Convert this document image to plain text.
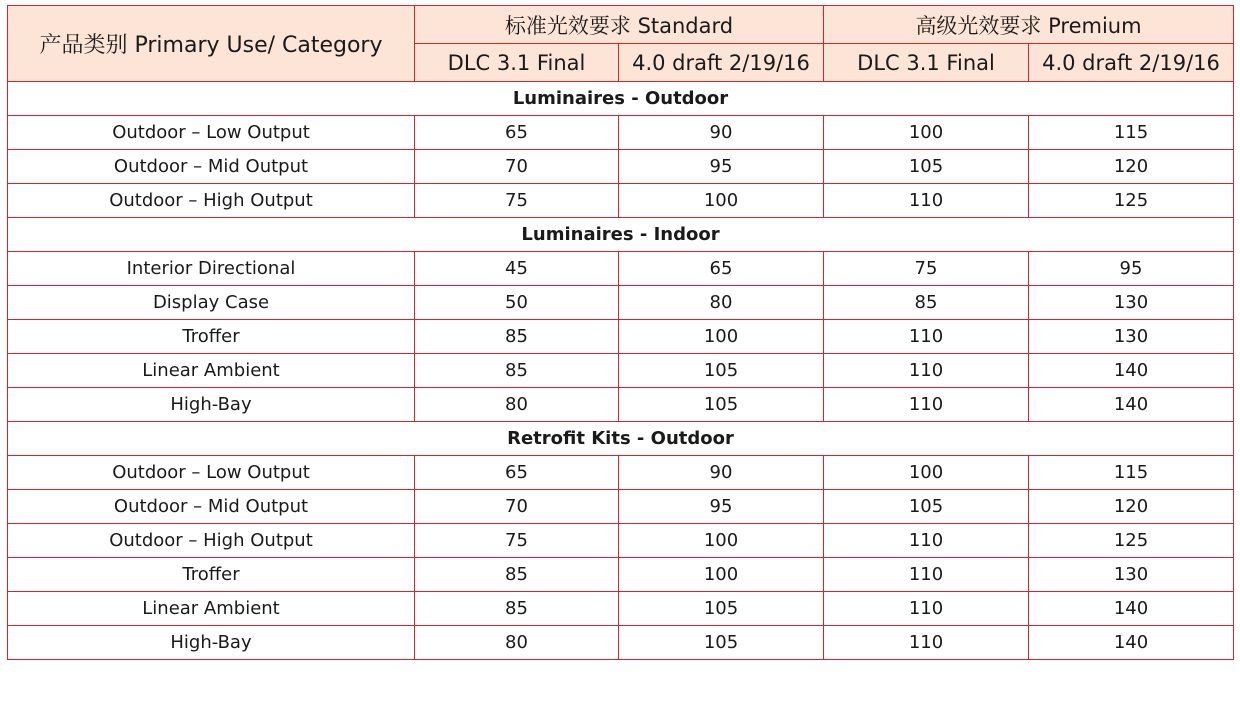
产品类别 Primary Use/ Category	标准光效要求 Standard		高级光效要求 Premium	
	DLC 3.1 Final	4.0 draft 2/19/16	DLC 3.1 Final	4.0 draft 2/19/16
Luminaires - Outdoor				
Outdoor – Low Output	65	90	100	115
Outdoor – Mid Output	70	95	105	120
Outdoor – High Output	75	100	110	125
Luminaires - Indoor				
Interior Directional	45	65	75	95
Display Case	50	80	85	130
Troffer	85	100	110	130
Linear Ambient	85	105	110	140
High-Bay	80	105	110	140
Retrofit Kits - Outdoor				
Outdoor – Low Output	65	90	100	115
Outdoor – Mid Output	70	95	105	120
Outdoor – High Output	75	100	110	125
Troffer	85	100	110	130
Linear Ambient	85	105	110	140
High-Bay	80	105	110	140
